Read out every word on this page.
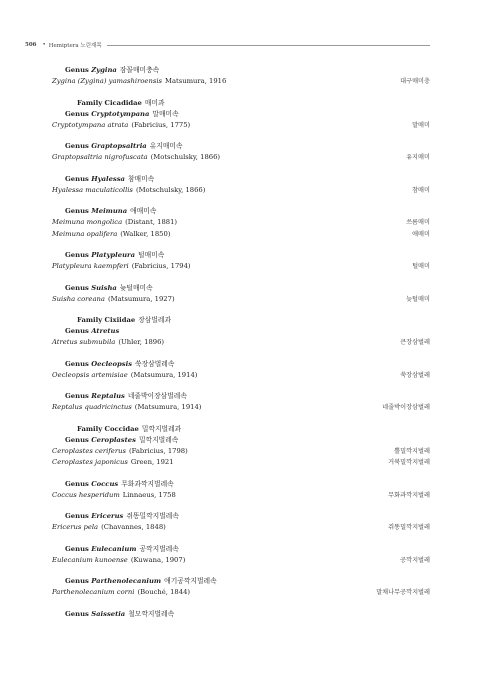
506 • Hemiptera 노린재목
Genus Zygina 잠꼴매미충속
Zygina (Zygina) yamashiroensis Matsumura, 1916	대구매미충
Family Cicadidae 매미과
Genus Cryptotympana 말매미속
Cryptotympana atrata (Fabricius, 1775)	말매미
Genus Graptopsaltria 유지매미속
Graptopsaltria nigrofuscata (Motschulsky, 1866)	유지매미
Genus Hyalessa 참매미속
Hyalessa maculaticollis (Motschulsky, 1866)	참매미
Genus Meimuna 애매미속
Meimuna mongolica (Distant, 1881)	쓰름매미
Meimuna opalifera (Walker, 1850)	애매미
Genus Platypleura 털매미속
Platypleura kaempferi (Fabricius, 1794)	털매미
Genus Suisha 늦털매미속
Suisha coreana (Matsumura, 1927)	늦털매미
Family Cixiidae 장삼벌레과
Genus Atretus
Atretus submubila (Uhler, 1896)	큰장삼벌레
Genus Oecleopsis 쑥장삼벌레속
Oecleopsis artemisiae (Matsumura, 1914)	쑥장삼벌레
Genus Reptalus 네줄박이장삼벌레속
Reptalus quadricinctus (Matsumura, 1914)	네줄박이장삼벌레
Family Coccidae 밀깍지벌레과
Genus Ceroplastes 밀깍지벌레속
Ceroplastes ceriferus (Fabricius, 1798)	뿔밀깍지벌레
Ceroplastes japonicus Green, 1921	거북밀깍지벌레
Genus Coccus 무화과깍지벌레속
Coccus hesperidum Linnaeus, 1758	무화과깍지벌레
Genus Ericerus 쥐똥밀깍지벌레속
Ericerus pela (Chavannes, 1848)	쥐똥밀깍지벌레
Genus Eulecanium 공깍지벌레속
Eulecanium kunoense (Kuwana, 1907)	공깍지벌레
Genus Parthenolecanium 애기공깍지벌레속
Parthenolecanium corni (Bouché, 1844)	말채나무공깍지벌레
Genus Saissetia 철모깍지벌레속
